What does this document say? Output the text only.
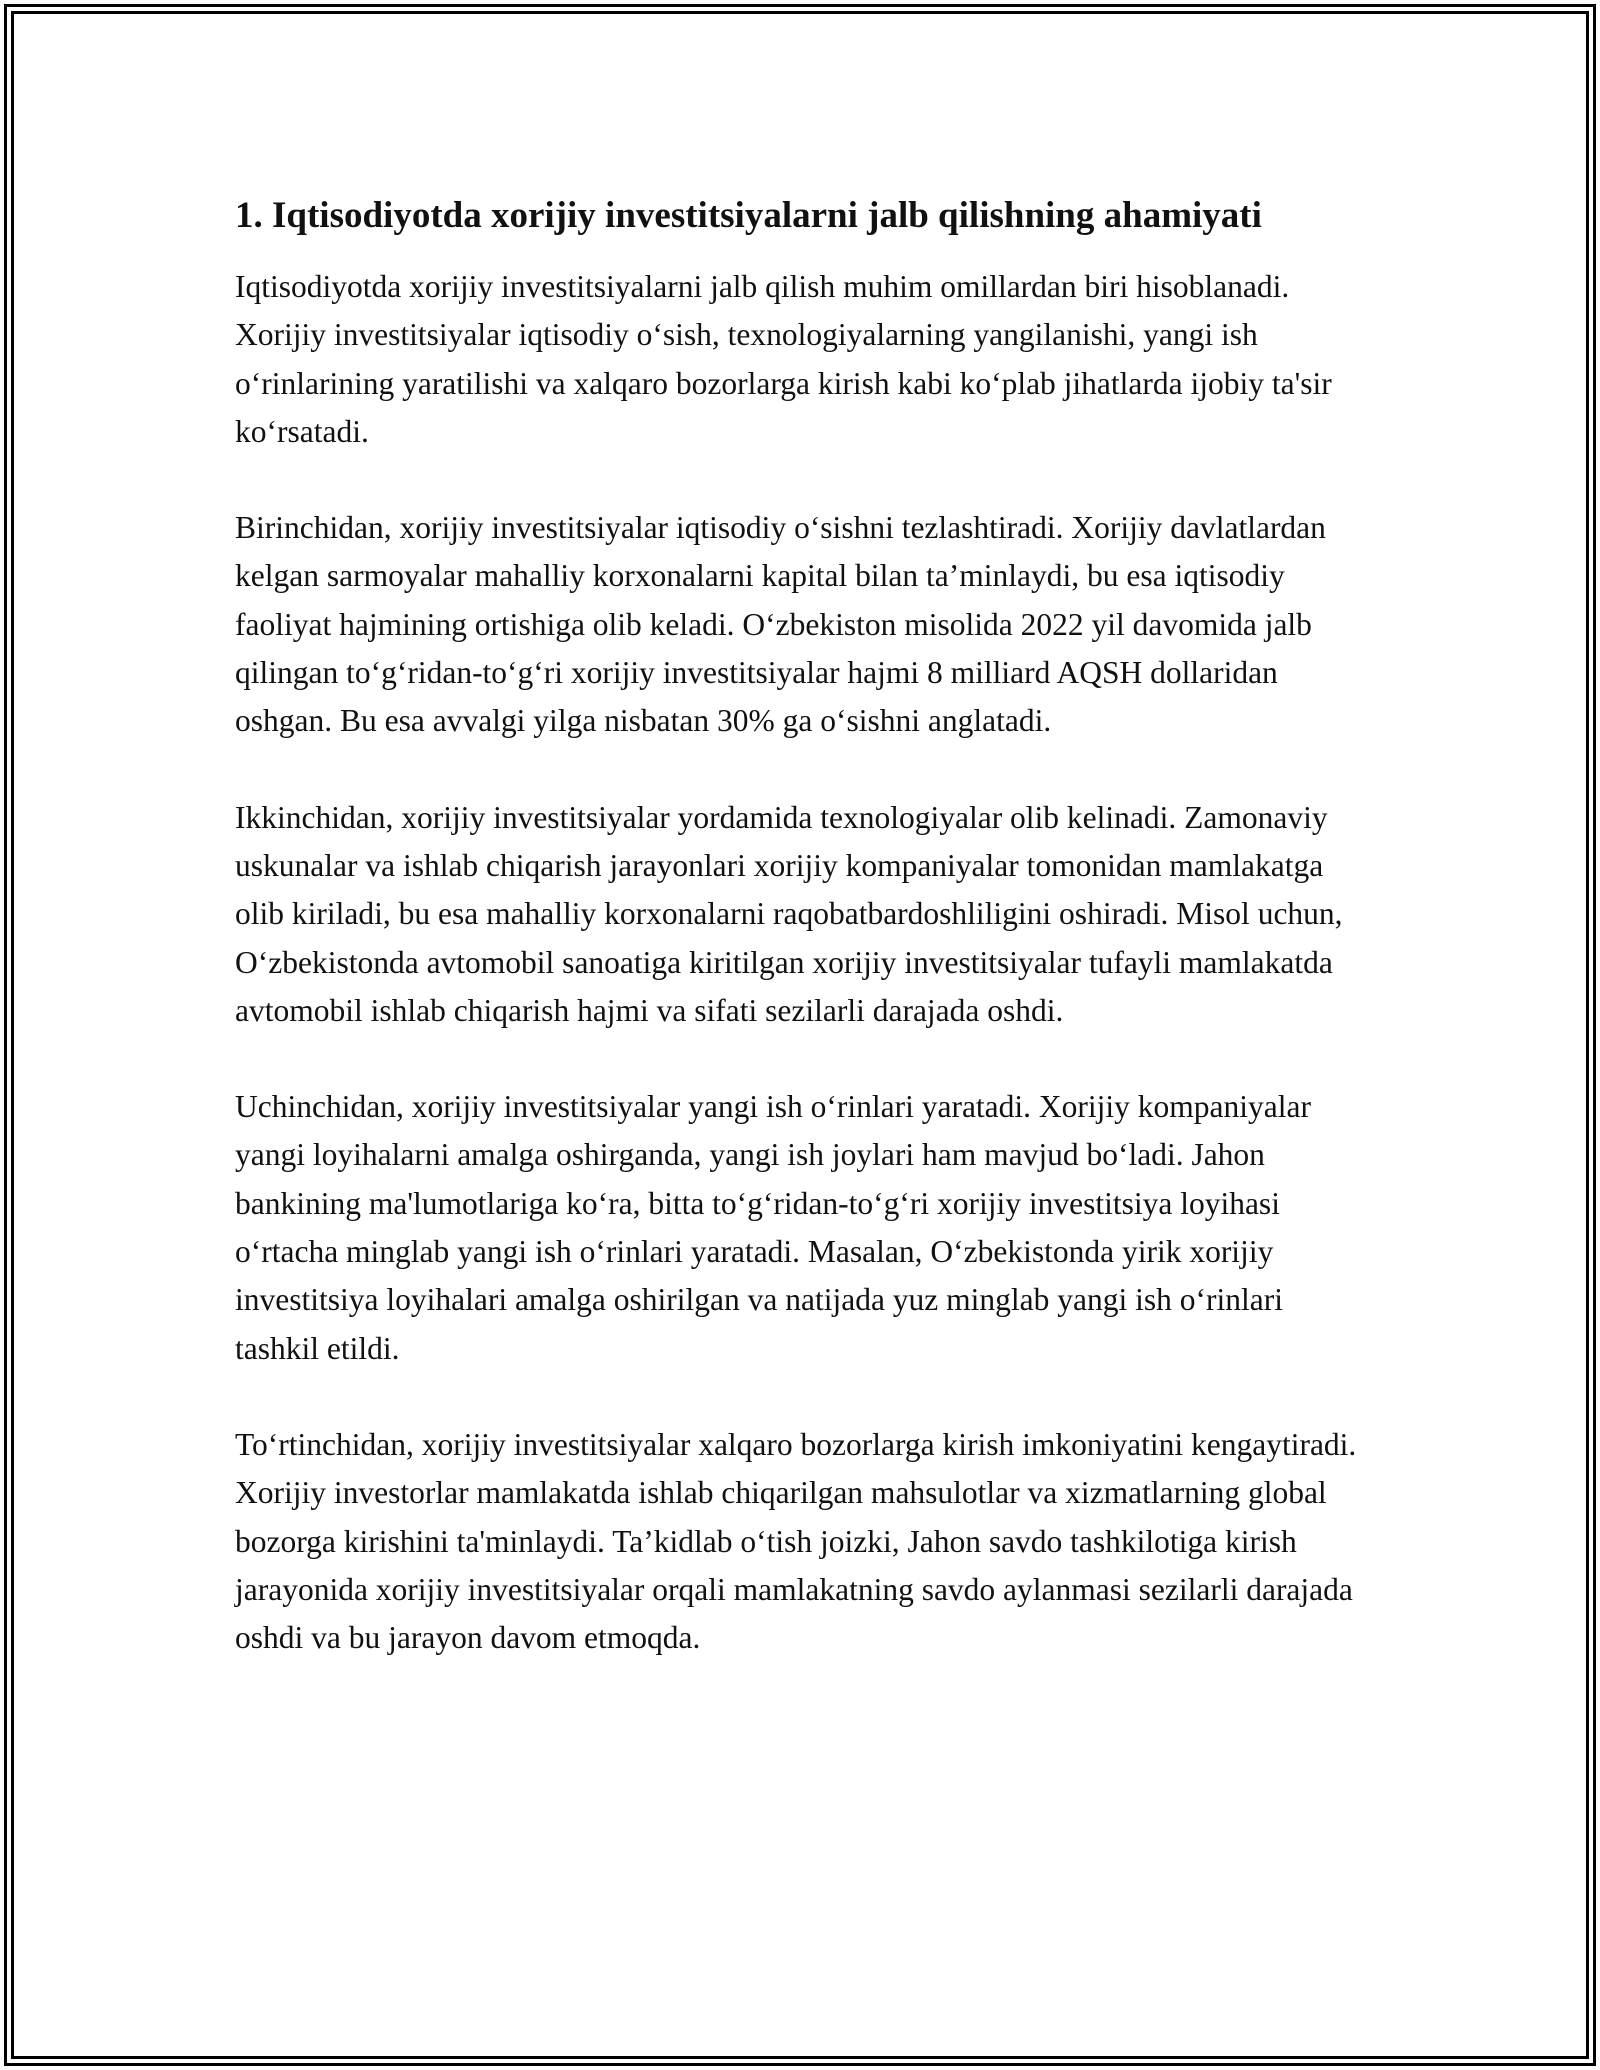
1. Iqtisodiyotda xorijiy investitsiyalarni jalb qilishning ahamiyati

Iqtisodiyotda xorijiy investitsiyalarni jalb qilish muhim omillardan biri hisoblanadi. Xorijiy investitsiyalar iqtisodiy oʻsish, texnologiyalarning yangilanishi, yangi ish oʻrinlarining yaratilishi va xalqaro bozorlarga kirish kabi koʻplab jihatlarda ijobiy ta'sir koʻrsatadi.

Birinchidan, xorijiy investitsiyalar iqtisodiy oʻsishni tezlashtiradi. Xorijiy davlatlardan kelgan sarmoyalar mahalliy korxonalarni kapital bilan ta’minlaydi, bu esa iqtisodiy faoliyat hajmining ortishiga olib keladi. Oʻzbekiston misolida 2022 yil davomida jalb qilingan toʻgʻridan-toʻgʻri xorijiy investitsiyalar hajmi 8 milliard AQSH dollaridan oshgan. Bu esa avvalgi yilga nisbatan 30% ga oʻsishni anglatadi.

Ikkinchidan, xorijiy investitsiyalar yordamida texnologiyalar olib kelinadi. Zamonaviy uskunalar va ishlab chiqarish jarayonlari xorijiy kompaniyalar tomonidan mamlakatga olib kiriladi, bu esa mahalliy korxonalarni raqobatbardoshliligini oshiradi. Misol uchun, Oʻzbekistonda avtomobil sanoatiga kiritilgan xorijiy investitsiyalar tufayli mamlakatda avtomobil ishlab chiqarish hajmi va sifati sezilarli darajada oshdi.

Uchinchidan, xorijiy investitsiyalar yangi ish oʻrinlari yaratadi. Xorijiy kompaniyalar yangi loyihalarni amalga oshirganda, yangi ish joylari ham mavjud boʻladi. Jahon bankining ma'lumotlariga koʻra, bitta toʻgʻridan-toʻgʻri xorijiy investitsiya loyihasi oʻrtacha minglab yangi ish oʻrinlari yaratadi. Masalan, Oʻzbekistonda yirik xorijiy investitsiya loyihalari amalga oshirilgan va natijada yuz minglab yangi ish oʻrinlari tashkil etildi.

Toʻrtinchidan, xorijiy investitsiyalar xalqaro bozorlarga kirish imkoniyatini kengaytiradi. Xorijiy investorlar mamlakatda ishlab chiqarilgan mahsulotlar va xizmatlarning global bozorga kirishini ta'minlaydi. Ta’kidlab oʻtish joizki, Jahon savdo tashkilotiga kirish jarayonida xorijiy investitsiyalar orqali mamlakatning savdo aylanmasi sezilarli darajada oshdi va bu jarayon davom etmoqda.
